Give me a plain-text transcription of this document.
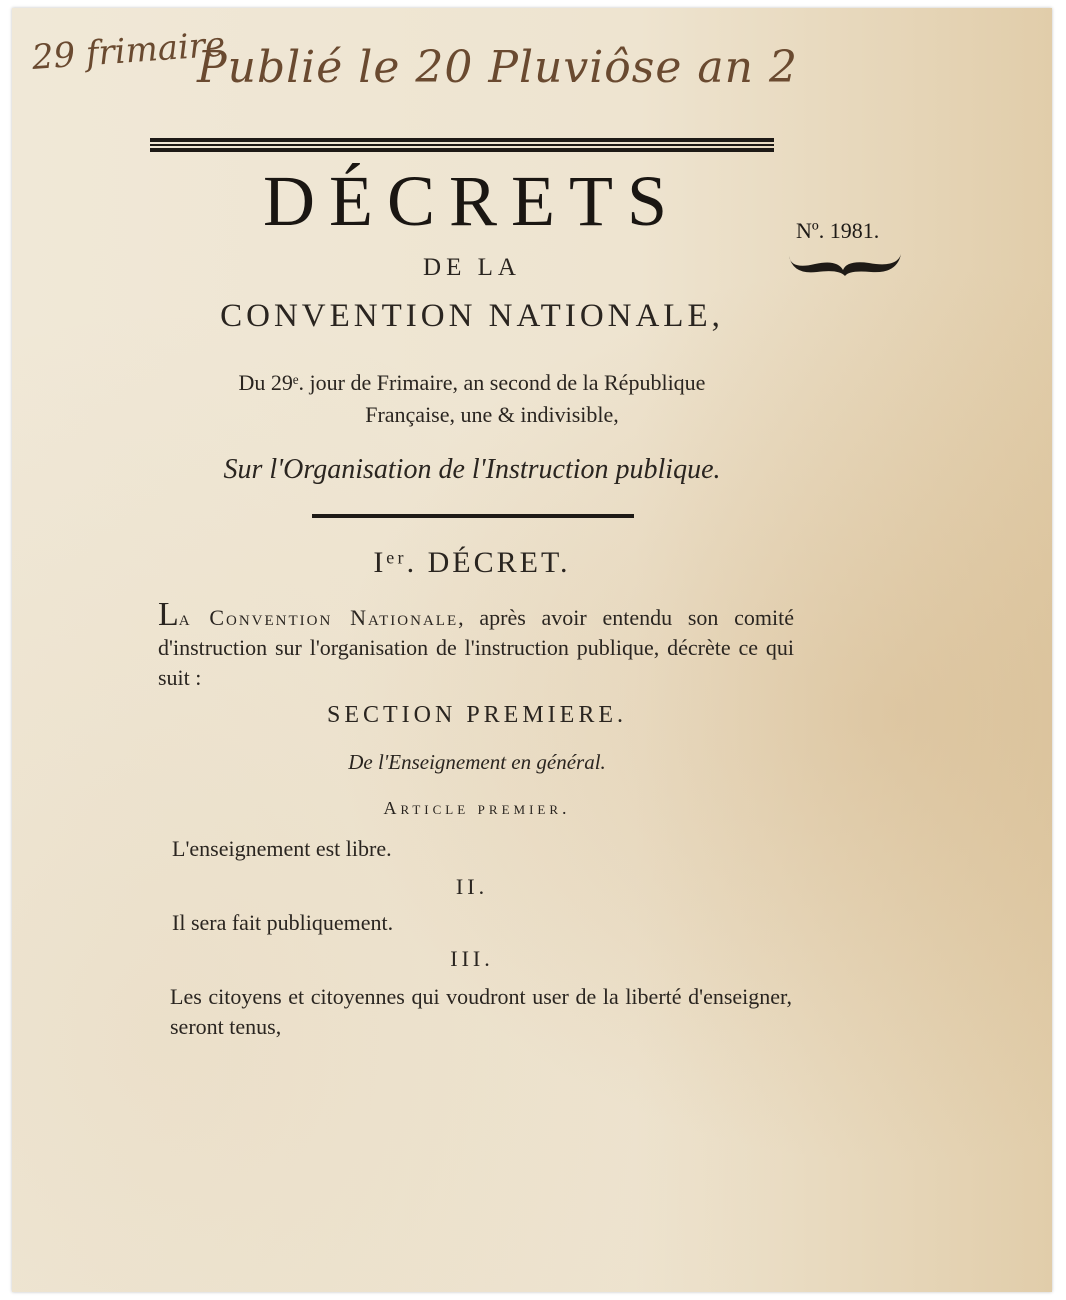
29 frimaire
Publié le 20 Pluviôse an 2
Nº. 1981.
DÉCRETS
DE LA
CONVENTION NATIONALE,
Du 29ᵉ. jour de Frimaire, an second de la République
Française, une & indivisible,
Sur l'Organisation de l'Instruction publique.
Iᵉʳ. DÉCRET.
La Convention Nationale, après avoir entendu son comité d'instruction sur l'organisation de l'instruction publique, décrète ce qui suit :
SECTION PREMIERE.
De l'Enseignement en général.
Article premier.
L'enseignement est libre.
II.
Il sera fait publiquement.
III.
Les citoyens et citoyennes qui voudront user de la liberté d'enseigner, seront tenus,
